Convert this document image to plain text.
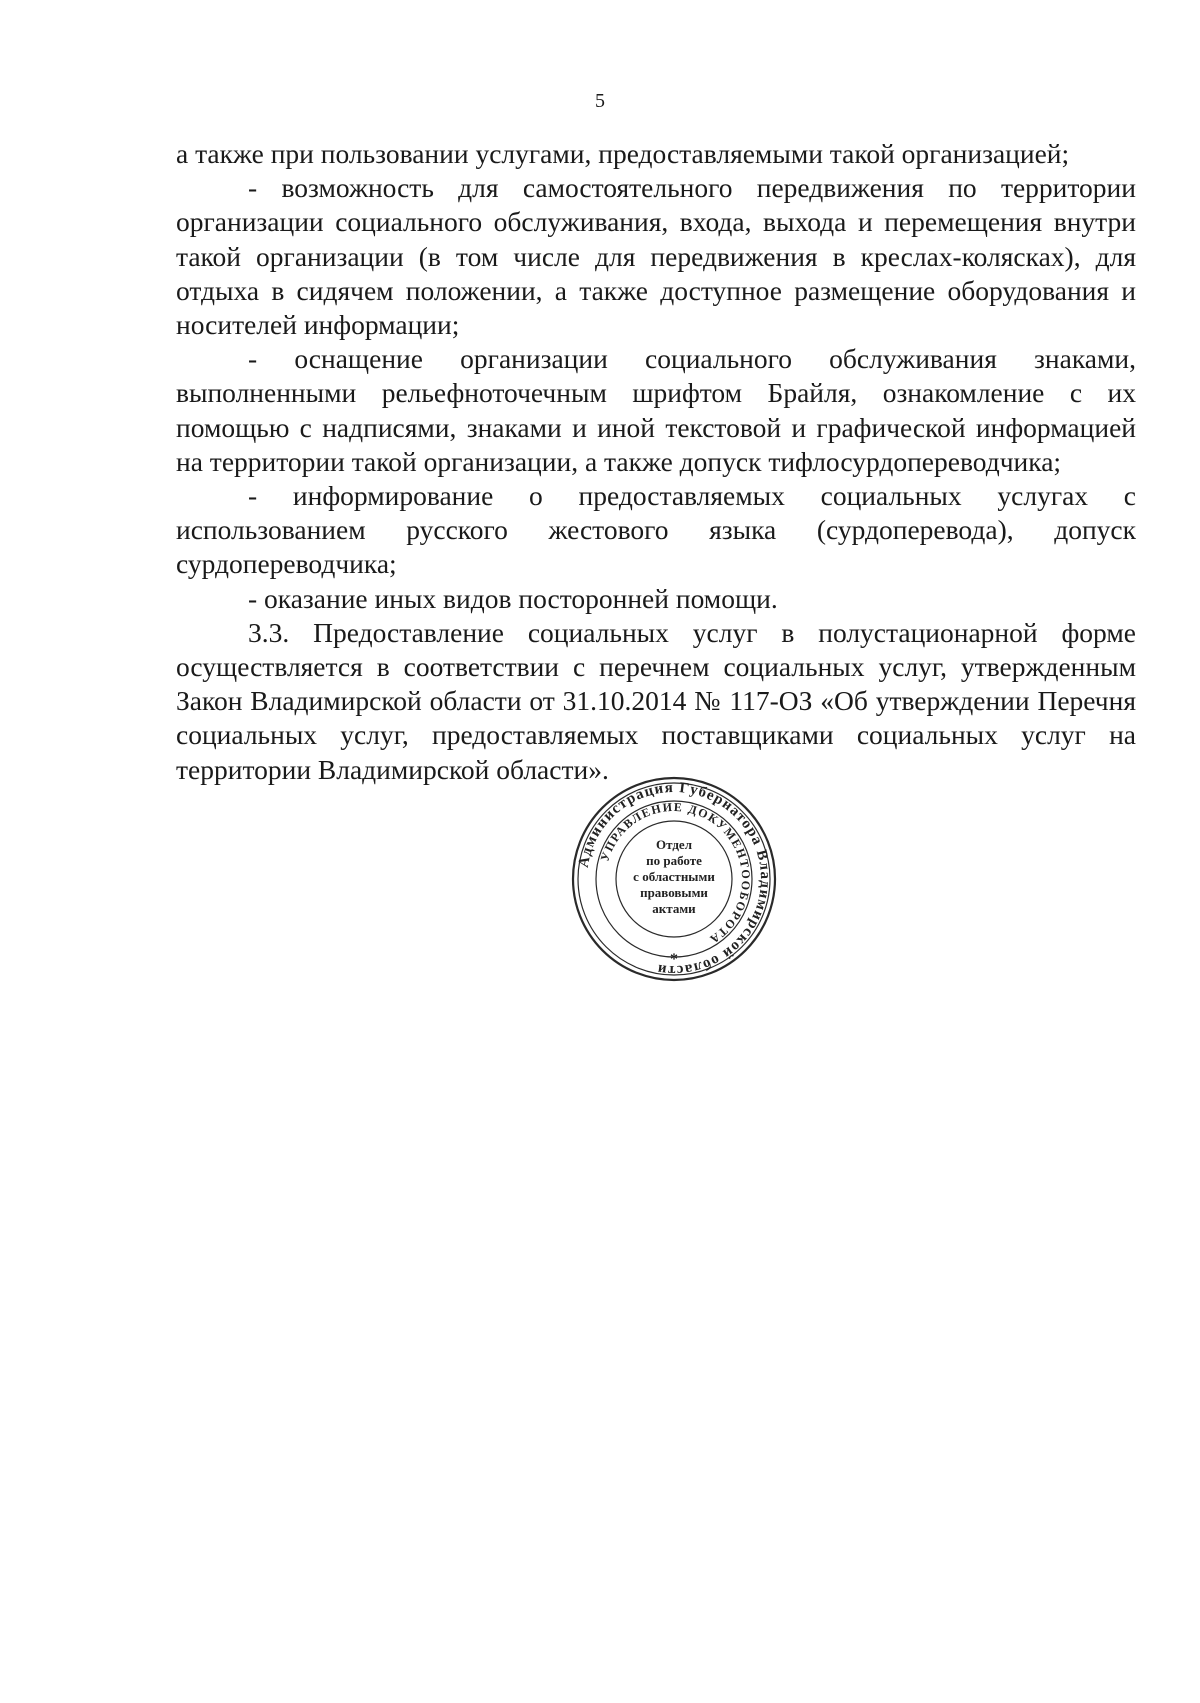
5

а также при пользовании услугами, предоставляемыми такой организацией;

- возможность для самостоятельного передвижения по территории организации социального обслуживания, входа, выхода и перемещения внутри такой организации (в том числе для передвижения в креслах-колясках), для отдыха в сидячем положении, а также доступное размещение оборудования и носителей информации;

- оснащение организации социального обслуживания знаками, выполненными рельефноточечным шрифтом Брайля, ознакомление с их помощью с надписями, знаками и иной текстовой и графической информацией на территории такой организации, а также допуск тифлосурдопереводчика;

- информирование о предоставляемых социальных услугах с использованием русского жестового языка (сурдоперевода), допуск сурдопереводчика;

- оказание иных видов посторонней помощи.

3.3. Предоставление социальных услуг в полустационарной форме осуществляется в соответствии с перечнем социальных услуг, утвержденным Закон Владимирской области от 31.10.2014 № 117-ОЗ «Об утверждении Перечня социальных услуг, предоставляемых поставщиками социальных услуг на территории Владимирской области».

Администрация Губернатора Владимирской области
УПРАВЛЕНИЕ ДОКУМЕНТООБОРОТА
Отдел
по работе
с областными
правовыми
актами
*
